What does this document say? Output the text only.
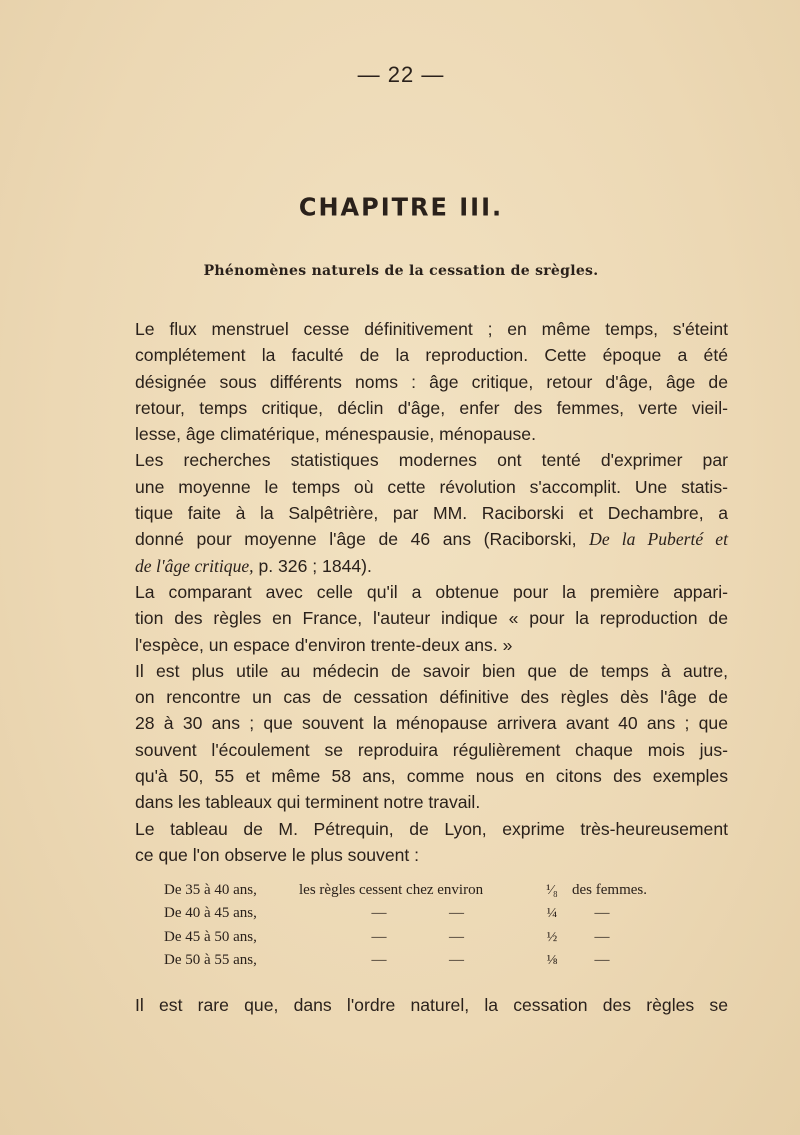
— 22 —
CHAPITRE III.
Phénomènes naturels de la cessation de srègles.
Le flux menstruel cesse définitivement ; en même temps, s'éteint
complétement la faculté de la reproduction. Cette époque a été
désignée sous différents noms : âge critique, retour d'âge, âge de
retour, temps critique, déclin d'âge, enfer des femmes, verte vieil-
lesse, âge climatérique, ménespausie, ménopause.
Les recherches statistiques modernes ont tenté d'exprimer par
une moyenne le temps où cette révolution s'accomplit. Une statis-
tique faite à la Salpêtrière, par MM. Raciborski et Dechambre, a
donné pour moyenne l'âge de 46 ans (Raciborski, De la Puberté et
de l'âge critique, p. 326 ; 1844).
La comparant avec celle qu'il a obtenue pour la première appari-
tion des règles en France, l'auteur indique « pour la reproduction de
l'espèce, un espace d'environ trente-deux ans. »
Il est plus utile au médecin de savoir bien que de temps à autre,
on rencontre un cas de cessation définitive des règles dès l'âge de
28 à 30 ans ; que souvent la ménopause arrivera avant 40 ans ; que
souvent l'écoulement se reproduira régulièrement chaque mois jus-
qu'à 50, 55 et même 58 ans, comme nous en citons des exemples
dans les tableaux qui terminent notre travail.
Le tableau de M. Pétrequin, de Lyon, exprime très-heureusement
ce que l'on observe le plus souvent :
De 35 à 40 ans,	les règles cessent chez environ	¹⁄₈ des femmes.
De 40 à 45 ans,	—	—	¼	—
De 45 à 50 ans,	—	—	½	—
De 50 à 55 ans,	—	—	⅛	—
Il est rare que, dans l'ordre naturel, la cessation des règles se
